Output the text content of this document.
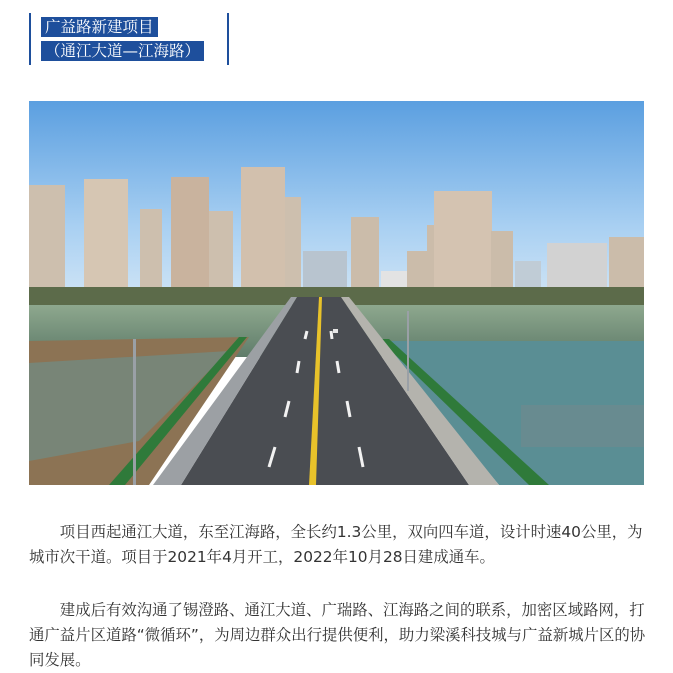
广益路新建项目
（通江大道—江海路）

项目西起通江大道，东至江海路，全长约1.3公里，双向四车道，设计时速40公里，为城市次干道。项目于2021年4月开工，2022年10月28日建成通车。

建成后有效沟通了锡澄路、通江大道、广瑞路、江海路之间的联系，加密区域路网，打通广益片区道路“微循环”，为周边群众出行提供便利，助力梁溪科技城与广益新城片区的协同发展。
